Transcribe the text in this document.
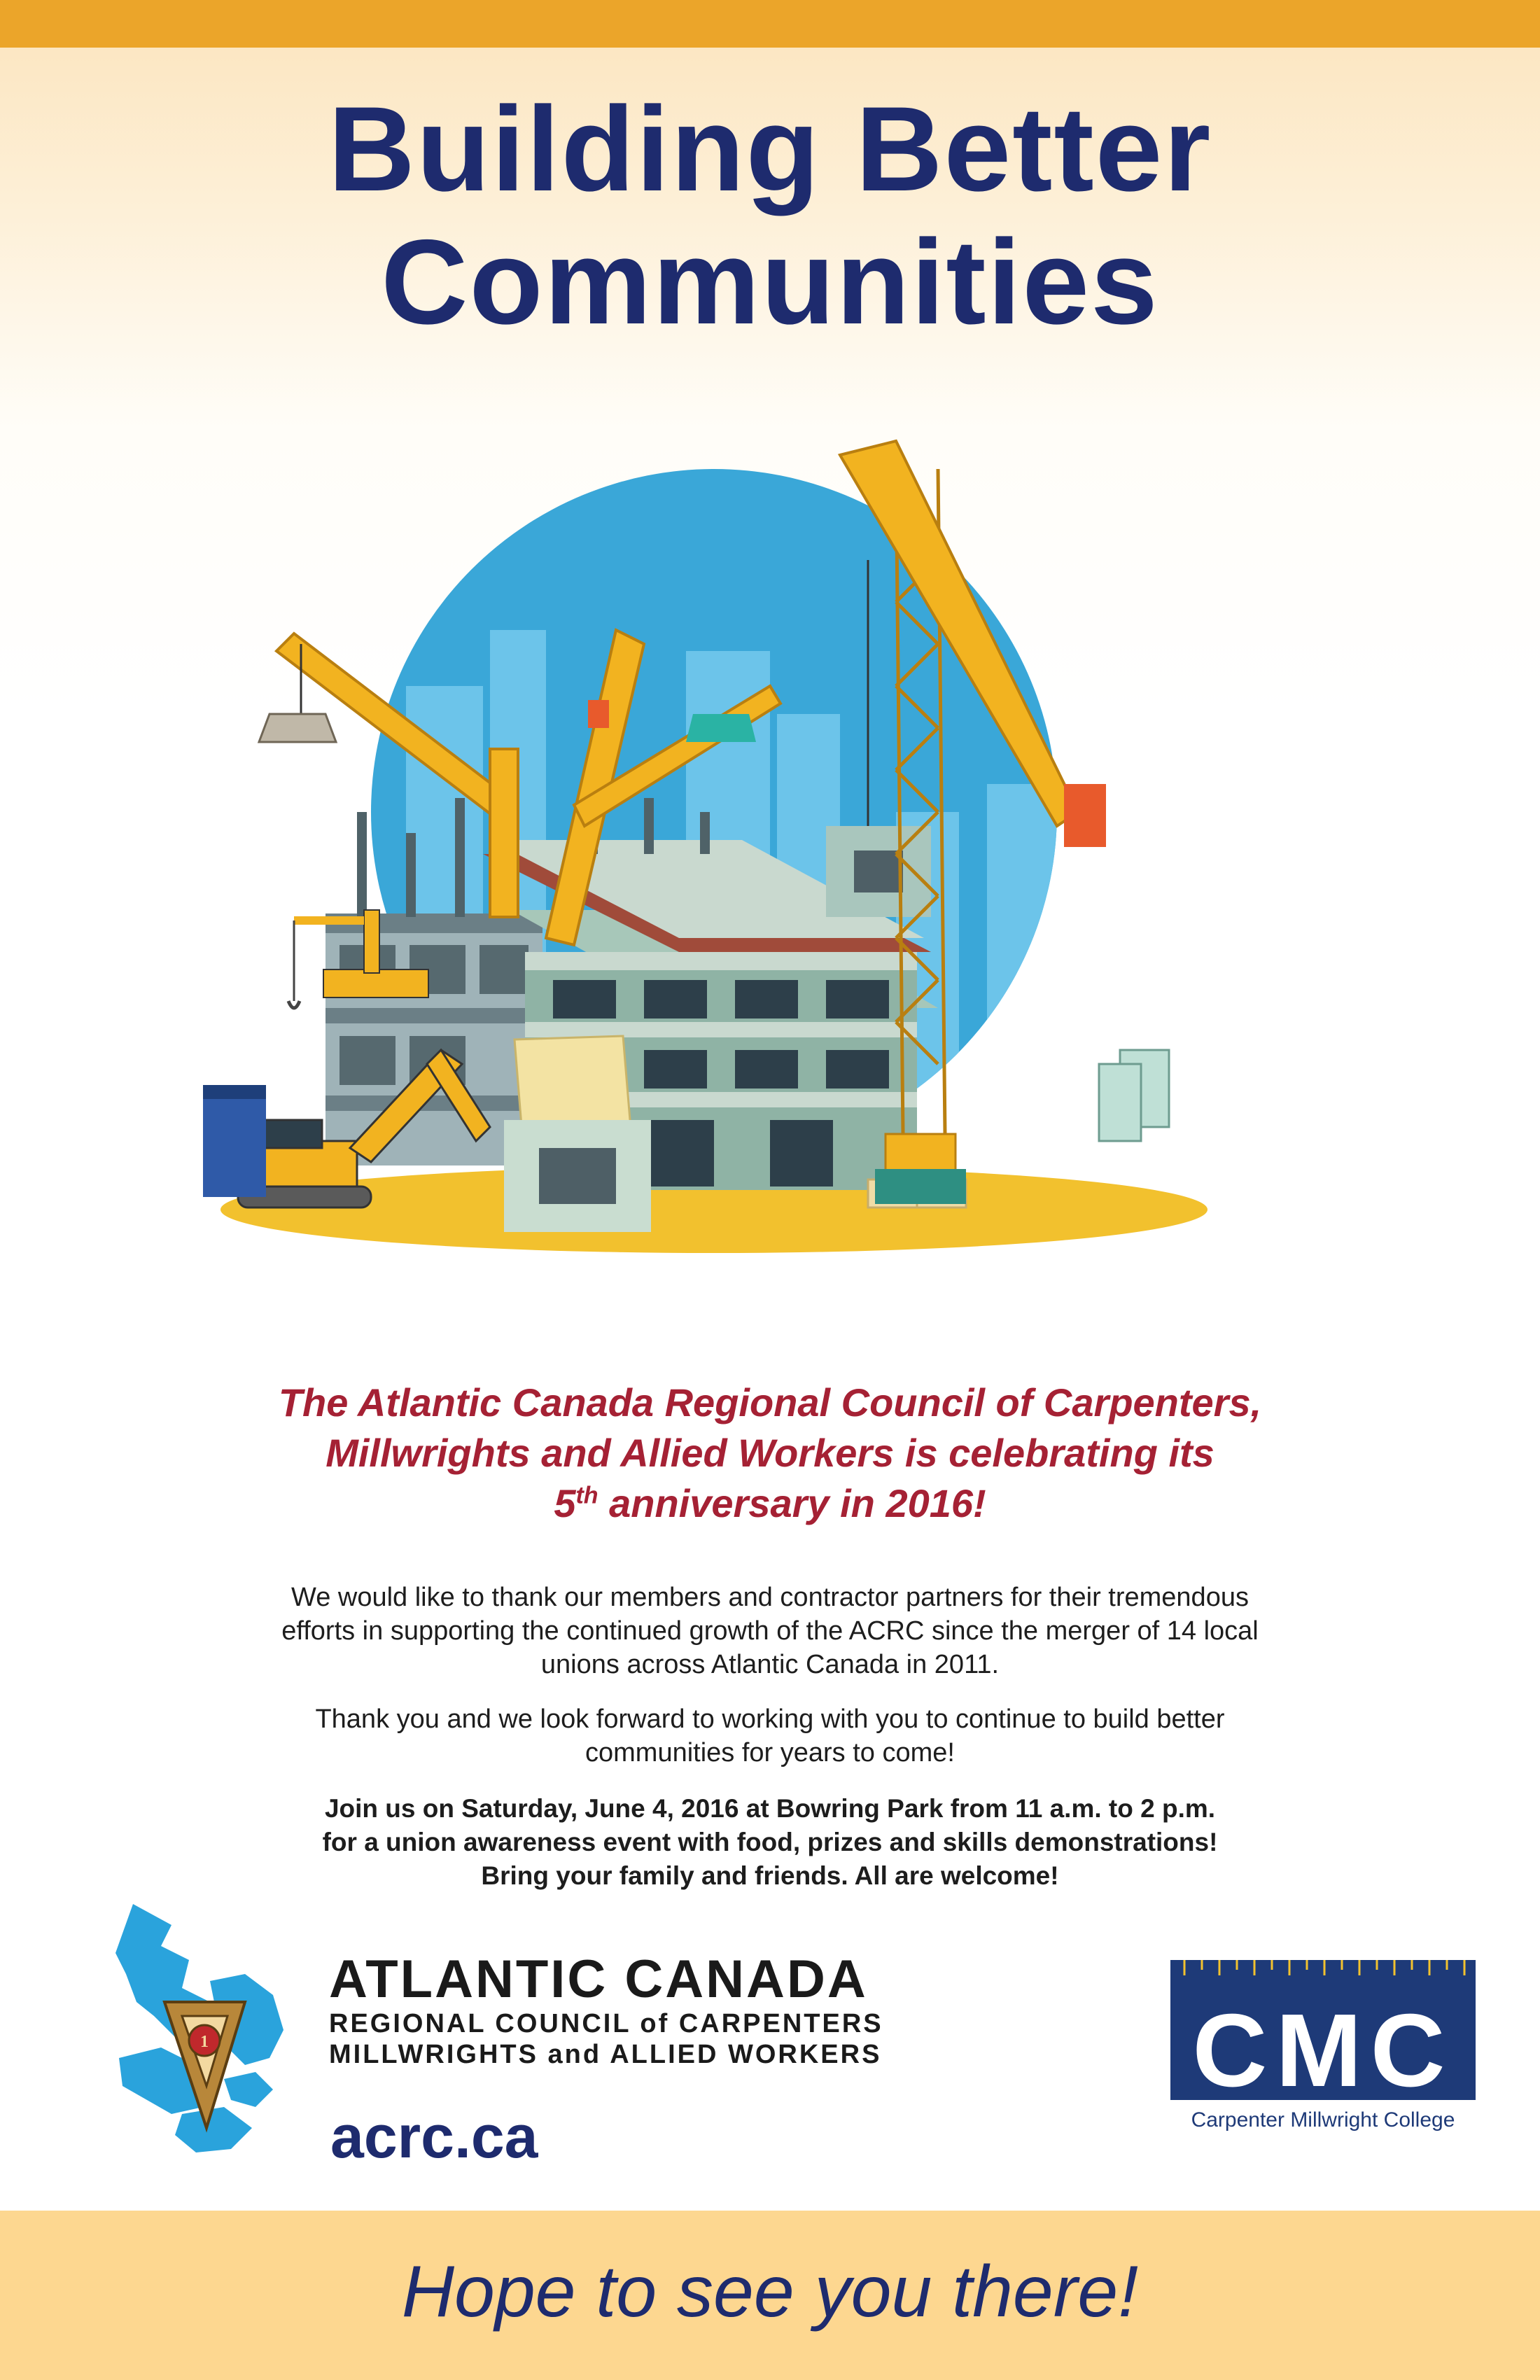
Building Better
Communities
The Atlantic Canada Regional Council of Carpenters,
Millwrights and Allied Workers is celebrating its
5th anniversary in 2016!
We would like to thank our members and contractor partners for their tremendous
efforts in supporting the continued growth of the ACRC since the merger of 14 local
unions across Atlantic Canada in 2011.
Thank you and we look forward to working with you to continue to build better
communities for years to come!
Join us on Saturday, June 4, 2016 at Bowring Park from 11 a.m. to 2 p.m.
for a union awareness event with food, prizes and skills demonstrations!
Bring your family and friends. All are welcome!
1
ATLANTIC CANADA
REGIONAL COUNCIL of CARPENTERS
MILLWRIGHTS and ALLIED WORKERS
acrc.ca
CMC
Carpenter Millwright College
Hope to see you there!
